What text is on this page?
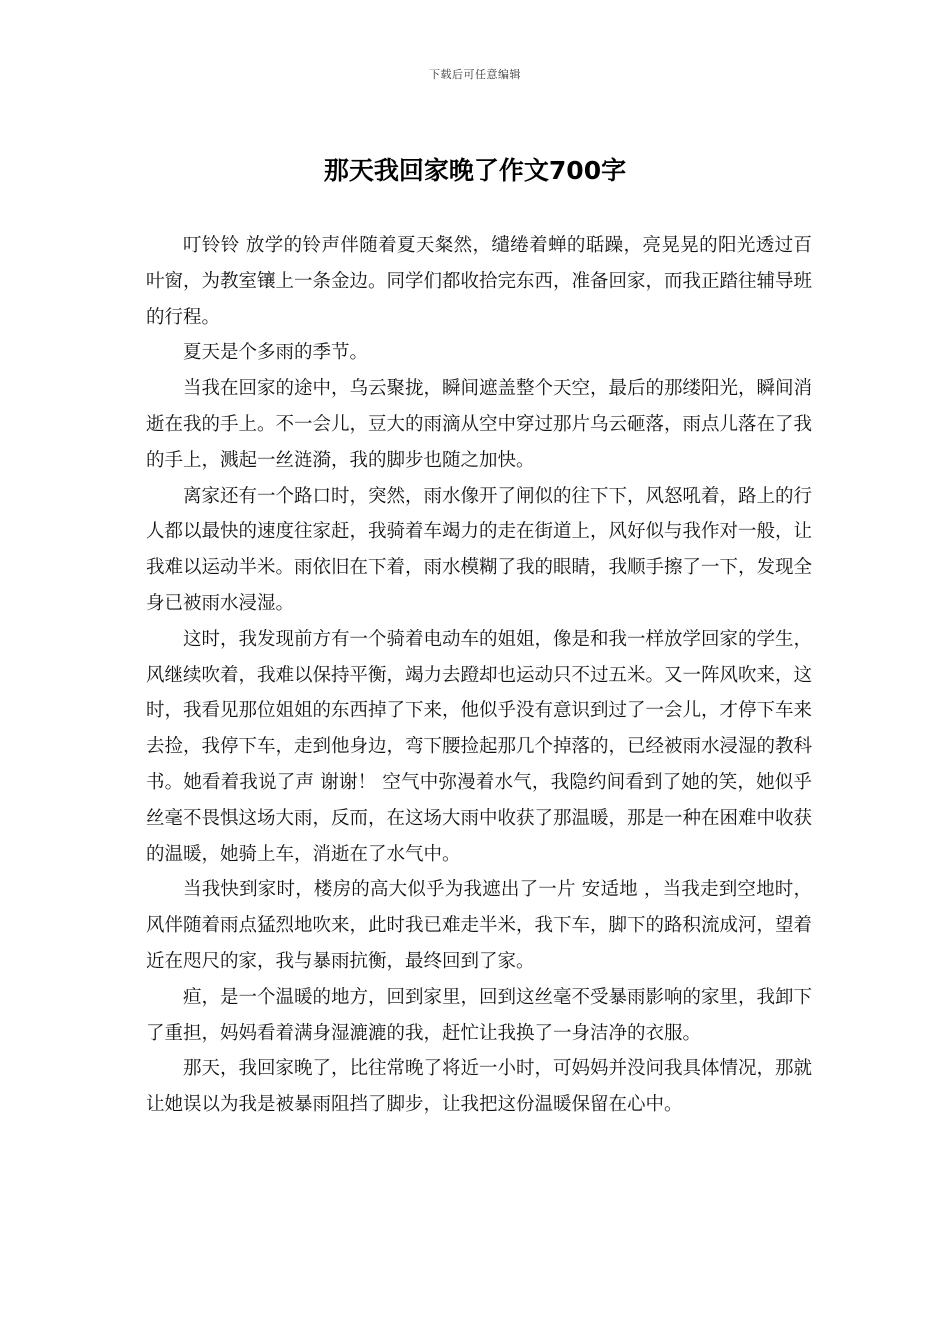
下载后可任意编辑
那天我回家晚了作文700字

叮铃铃 放学的铃声伴随着夏天粲然，缱绻着蝉的聒躁，亮晃晃的阳光透过百叶窗，为教室镶上一条金边。同学们都收拾完东西，准备回家，而我正踏往辅导班的行程。

夏天是个多雨的季节。

当我在回家的途中，乌云聚拢，瞬间遮盖整个天空，最后的那缕阳光，瞬间消逝在我的手上。不一会儿，豆大的雨滴从空中穿过那片乌云砸落，雨点儿落在了我的手上，溅起一丝涟漪，我的脚步也随之加快。

离家还有一个路口时，突然，雨水像开了闸似的往下下，风怒吼着，路上的行人都以最快的速度往家赶，我骑着车竭力的走在街道上，风好似与我作对一般，让我难以运动半米。雨依旧在下着，雨水模糊了我的眼睛，我顺手擦了一下，发现全身已被雨水浸湿。

这时，我发现前方有一个骑着电动车的姐姐，像是和我一样放学回家的学生，风继续吹着，我难以保持平衡，竭力去蹬却也运动只不过五米。又一阵风吹来，这时，我看见那位姐姐的东西掉了下来，他似乎没有意识到过了一会儿，才停下车来去捡，我停下车，走到他身边，弯下腰捡起那几个掉落的，已经被雨水浸湿的教科书。她看着我说了声 谢谢！ 空气中弥漫着水气，我隐约间看到了她的笑，她似乎丝毫不畏惧这场大雨，反而，在这场大雨中收获了那温暖，那是一种在困难中收获的温暖，她骑上车，消逝在了水气中。

当我快到家时，楼房的高大似乎为我遮出了一片 安适地 ，当我走到空地时，风伴随着雨点猛烈地吹来，此时我已难走半米，我下车，脚下的路积流成河，望着近在咫尺的家，我与暴雨抗衡，最终回到了家。

疸，是一个温暖的地方，回到家里，回到这丝毫不受暴雨影响的家里，我卸下了重担，妈妈看着满身湿漉漉的我，赶忙让我换了一身洁净的衣服。

那天，我回家晚了，比往常晚了将近一小时，可妈妈并没问我具体情况，那就让她误以为我是被暴雨阻挡了脚步，让我把这份温暖保留在心中。
